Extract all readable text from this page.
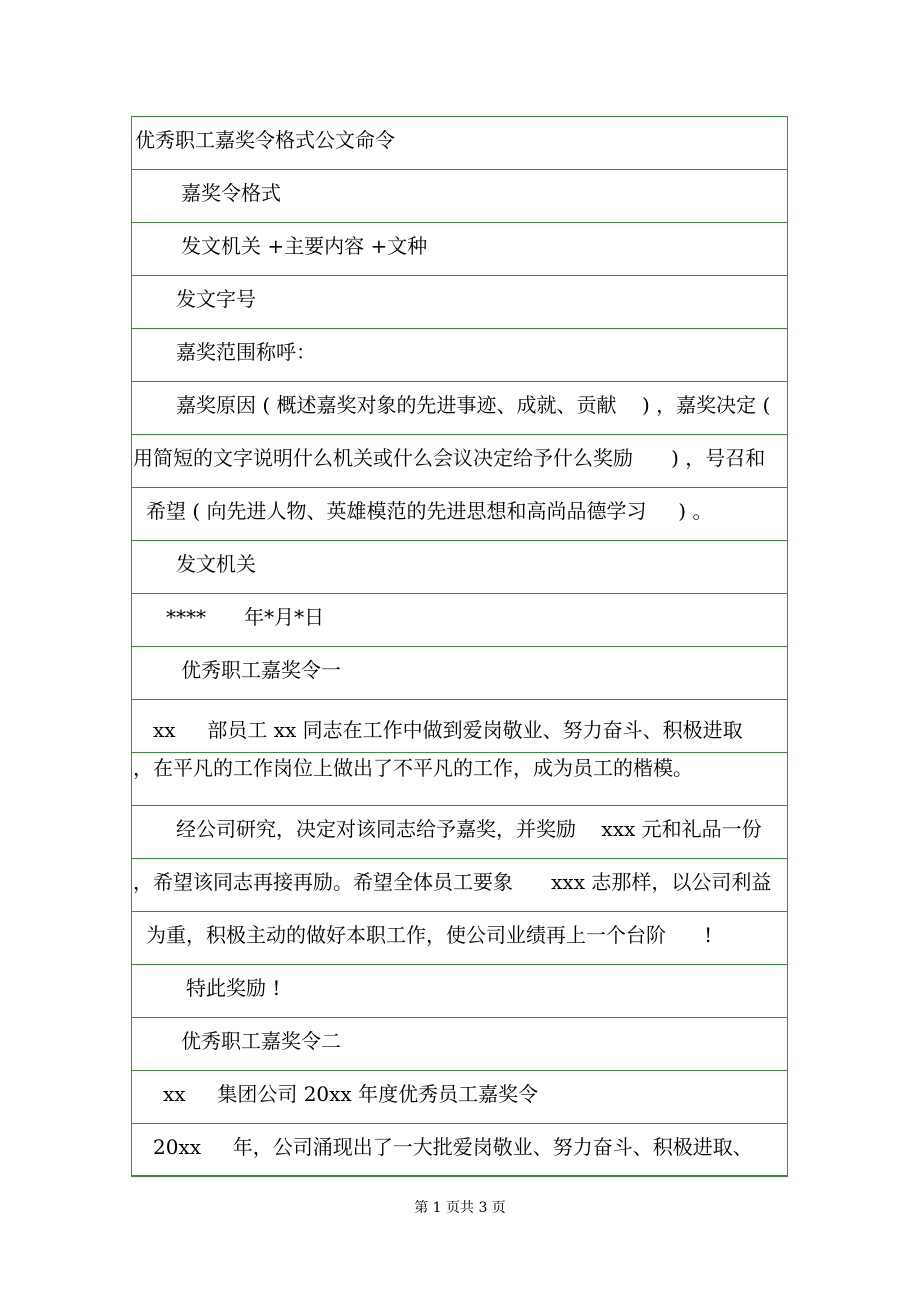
优秀职工嘉奖令格式公文命令
嘉奖令格式
发文机关 +主要内容 +文种
发文字号
嘉奖范围称呼：
嘉奖原因 ( 概述嘉奖对象的先进事迹、成就、贡献    ) ，嘉奖决定 (
用简短的文字说明什么机关或什么会议决定给予什么奖励      ) ，号召和
希望 ( 向先进人物、英雄模范的先进思想和高尚品德学习     ) 。
发文机关
****      年*月*日
优秀职工嘉奖令一
xx     部员工 xx 同志在工作中做到爱岗敬业、努力奋斗、积极进取
，在平凡的工作岗位上做出了不平凡的工作，成为员工的楷模。
经公司研究，决定对该同志给予嘉奖，并奖励    xxx 元和礼品一份
，希望该同志再接再励。希望全体员工要象      xxx 志那样，以公司利益
为重，积极主动的做好本职工作，使公司业绩再上一个台阶      !
特此奖励 !
优秀职工嘉奖令二
xx     集团公司 20xx 年度优秀员工嘉奖令
20xx     年，公司涌现出了一大批爱岗敬业、努力奋斗、积极进取、
第 1 页共 3 页
